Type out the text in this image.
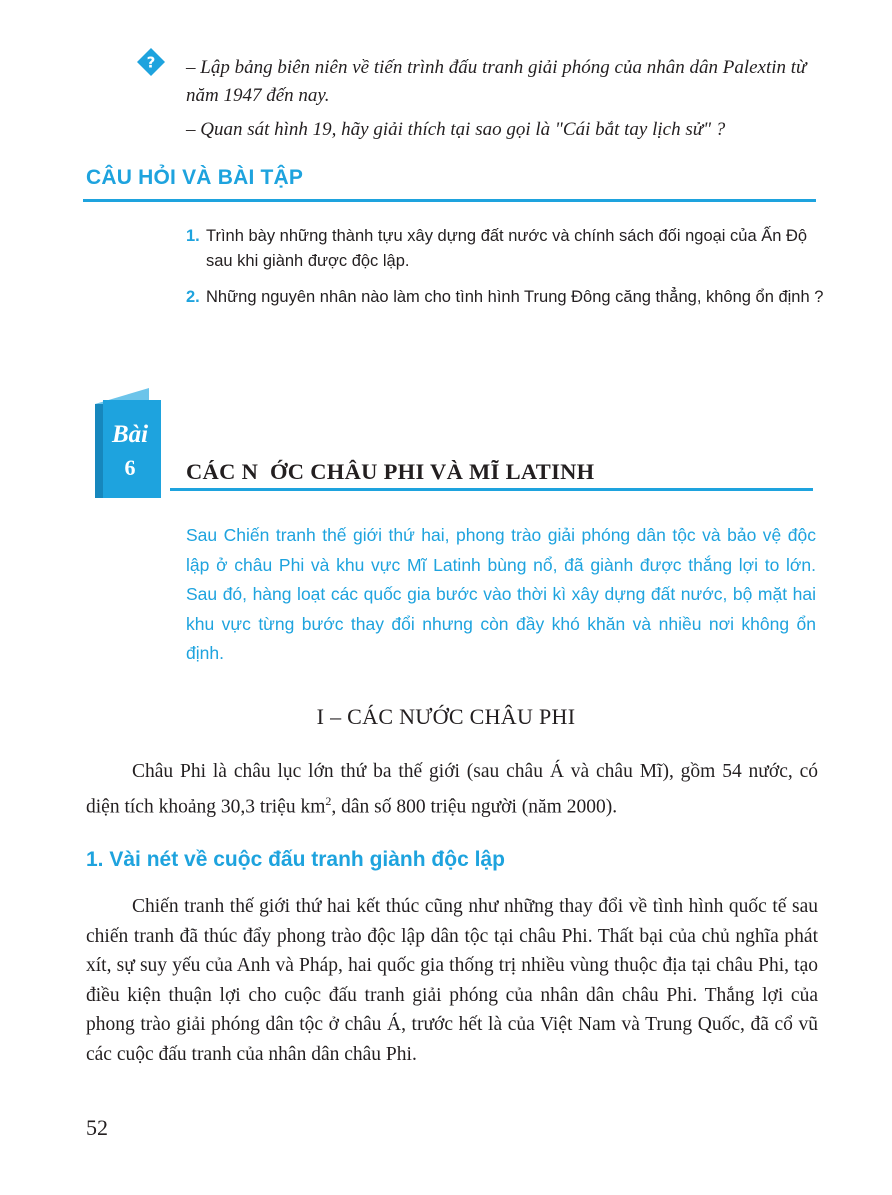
? – Lập bảng biên niên về tiến trình đấu tranh giải phóng của nhân dân Palextin từ năm 1947 đến nay.

– Quan sát hình 19, hãy giải thích tại sao gọi là "Cái bắt tay lịch sử" ?

CÂU HỎI VÀ BÀI TẬP
1. Trình bày những thành tựu xây dựng đất nước và chính sách đối ngoại của Ấn Độ sau khi giành được độc lập.
2. Những nguyên nhân nào làm cho tình hình Trung Đông căng thẳng, không ổn định ?
Bài
6	CÁC N  ỚC CHÂU PHI VÀ MĨ LATINH
Sau Chiến tranh thế giới thứ hai, phong trào giải phóng dân tộc và bảo vệ độc lập ở châu Phi và khu vực Mĩ Latinh bùng nổ, đã giành được thắng lợi to lớn. Sau đó, hàng loạt các quốc gia bước vào thời kì xây dựng đất nước, bộ mặt hai khu vực từng bước thay đổi nhưng còn đầy khó khăn và nhiều nơi không ổn định.
I – CÁC NƯỚC CHÂU PHI

Châu Phi là châu lục lớn thứ ba thế giới (sau châu Á và châu Mĩ), gồm 54 nước, có diện tích khoảng 30,3 triệu $km^2$, dân số 800 triệu người (năm 2000).

1. Vài nét về cuộc đấu tranh giành độc lập

Chiến tranh thế giới thứ hai kết thúc cũng như những thay đổi về tình hình quốc tế sau chiến tranh đã thúc đẩy phong trào độc lập dân tộc tại châu Phi. Thất bại của chủ nghĩa phát xít, sự suy yếu của Anh và Pháp, hai quốc gia thống trị nhiều vùng thuộc địa tại châu Phi, tạo điều kiện thuận lợi cho cuộc đấu tranh giải phóng của nhân dân châu Phi. Thắng lợi của phong trào giải phóng dân tộc ở châu Á, trước hết là của Việt Nam và Trung Quốc, đã cổ vũ các cuộc đấu tranh của nhân dân châu Phi.

52
